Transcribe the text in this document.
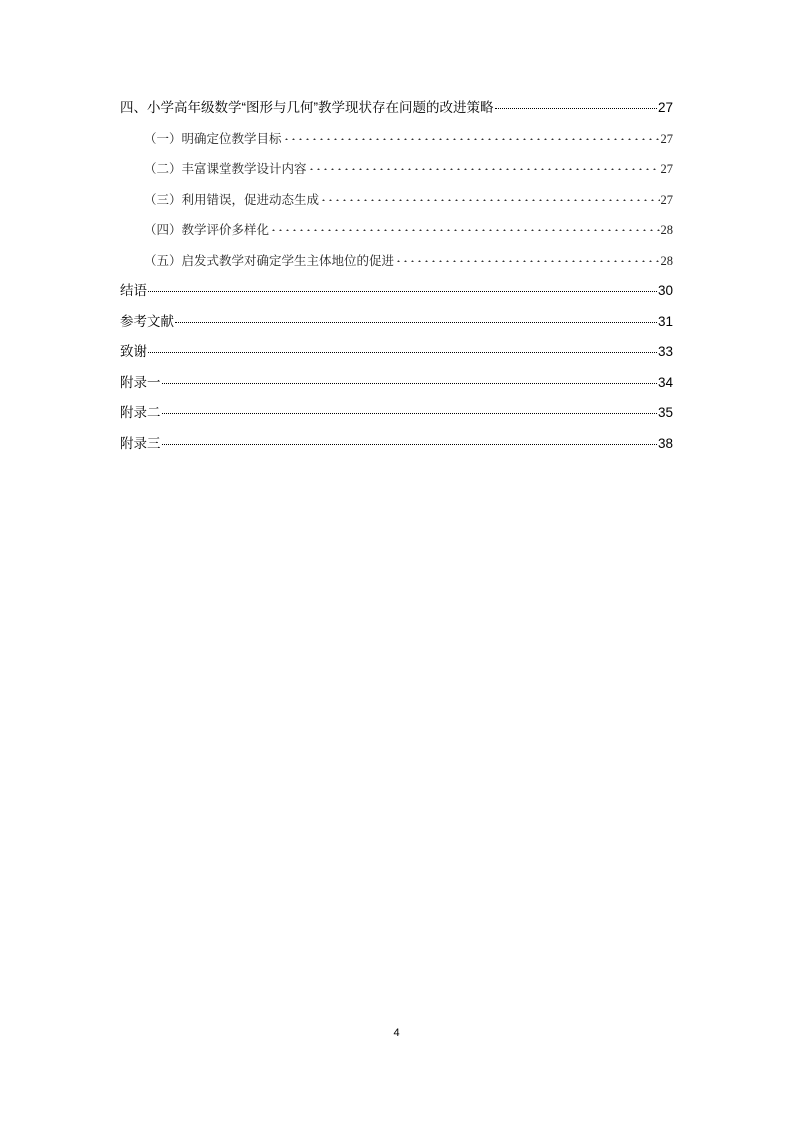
四、小学高年级数学“图形与几何”教学现状存在问题的改进策略	27
（一）明确定位教学目标	27
（二）丰富课堂教学设计内容	27
（三）利用错误，促进动态生成	27
（四）教学评价多样化	28
（五）启发式教学对确定学生主体地位的促进	28
结语	30
参考文献	31
致谢	33
附录一	34
附录二	35
附录三	38
4
